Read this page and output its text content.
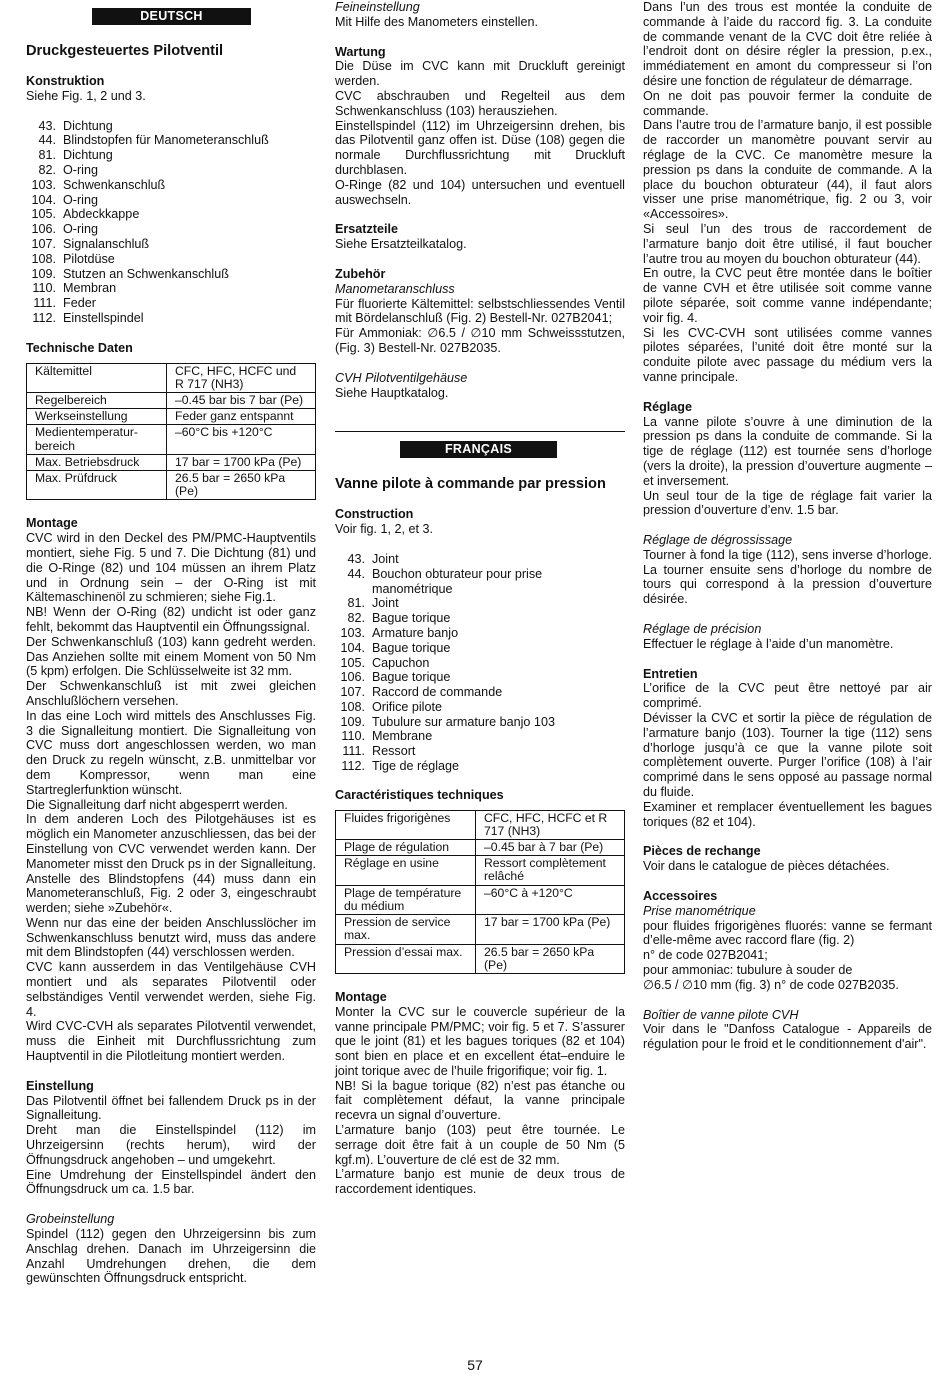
DEUTSCH
Druckgesteuertes Pilotventil
Konstruktion
Siehe Fig. 1, 2 und 3.
43. Dichtung
44. Blindstopfen für Manometeranschluß
81. Dichtung
82. O-ring
103. Schwenkanschluß
104. O-ring
105. Abdeckkappe
106. O-ring
107. Signalanschluß
108. Pilotdüse
109. Stutzen an Schwenkanschluß
110. Membran
111. Feder
112. Einstellspindel
Technische Daten
Kältemittel	CFC, HFC, HCFC und R 717 (NH3)
Regelbereich	–0.45 bar bis 7 bar (Pe)
Werkseinstellung	Feder ganz entspannt
Medientemperatur-bereich	–60°C bis +120°C
Max. Betriebsdruck	17 bar = 1700 kPa (Pe)
Max. Prüfdruck	26.5 bar = 2650 kPa (Pe)
Montage

CVC wird in den Deckel des PM/PMC-Hauptventils montiert, siehe Fig. 5 und 7. Die Dichtung (81) und die O-Ringe (82) und 104 müssen an ihrem Platz und in Ordnung sein – der O-Ring ist mit Kältemaschinenöl zu schmieren; siehe Fig.1.

NB! Wenn der O-Ring (82) undicht ist oder ganz fehlt, bekommt das Hauptventil ein Öffnungssignal.

Der Schwenkanschluß (103) kann gedreht werden. Das Anziehen sollte mit einem Moment von 50 Nm (5 kpm) erfolgen. Die Schlüsselweite ist 32 mm.

Der Schwenkanschluß ist mit zwei gleichen Anschlußlöchern versehen.

In das eine Loch wird mittels des Anschlusses Fig. 3 die Signalleitung montiert. Die Signalleitung von CVC muss dort angeschlossen werden, wo man den Druck zu regeln wünscht, z.B. unmittelbar vor dem Kompressor, wenn man eine Startreglerfunktion wünscht.

Die Signalleitung darf nicht abgesperrt werden.

In dem anderen Loch des Pilotgehäuses ist es möglich ein Manometer anzuschliessen, das bei der Einstellung von CVC verwendet werden kann. Der Manometer misst den Druck ps in der Signalleitung. Anstelle des Blindstopfens (44) muss dann ein Manometeranschluß, Fig. 2 oder 3, eingeschraubt werden; siehe »Zubehör«.

Wenn nur das eine der beiden Anschlusslöcher im Schwenkanschluss benutzt wird, muss das andere mit dem Blindstopfen (44) verschlossen werden.

CVC kann ausserdem in das Ventilgehäuse CVH montiert und als separates Pilotventil oder selbständiges Ventil verwendet werden, siehe Fig. 4.

Wird CVC-CVH als separates Pilotventil verwendet, muss die Einheit mit Durchflussrichtung zum Hauptventil in die Pilotleitung montiert werden.

Einstellung

Das Pilotventil öffnet bei fallendem Druck ps in der Signalleitung.

Dreht man die Einstellspindel (112) im Uhrzeigersinn (rechts herum), wird der Öffnungsdruck angehoben – und umgekehrt.

Eine Umdrehung der Einstellspindel ändert den Öffnungsdruck um ca. 1.5 bar.

Grobeinstellung

Spindel (112) gegen den Uhrzeigersinn bis zum Anschlag drehen. Danach im Uhrzeigersinn die Anzahl Umdrehungen drehen, die dem gewünschten Öffnungsdruck entspricht.

Feineinstellung
Mit Hilfe des Manometers einstellen.
Wartung

Die Düse im CVC kann mit Druckluft gereinigt werden.

CVC abschrauben und Regelteil aus dem Schwenkanschluss (103) herausziehen.

Einstellspindel (112) im Uhrzeigersinn drehen, bis das Pilotventil ganz offen ist. Düse (108) gegen die normale Durchflussrichtung mit Druckluft durchblasen.

O-Ringe (82 und 104) untersuchen und eventuell auswechseln.

Ersatzteile
Siehe Ersatzteilkatalog.
Zubehör
Manometaranschluss

Für fluorierte Kältemittel: selbstschliessendes Ventil mit Bördelanschluß (Fig. 2) Bestell-Nr. 027B2041;

Für Ammoniak: ∅6.5 / ∅10 mm Schweissstutzen, (Fig. 3) Bestell-Nr. 027B2035.

CVH Pilotventilgehäuse
Siehe Hauptkatalog.
FRANÇAIS
Vanne pilote à commande par pression
Construction
Voir fig. 1, 2, et 3.
43. Joint
44. Bouchon obturateur pour prise manométrique
81. Joint
82. Bague torique
103. Armature banjo
104. Bague torique
105. Capuchon
106. Bague torique
107. Raccord de commande
108. Orifice pilote
109. Tubulure sur armature banjo 103
110. Membrane
111. Ressort
112. Tige de réglage
Caractéristiques techniques
Fluides frigorigènes	CFC, HFC, HCFC et R 717 (NH3)
Plage de régulation	–0.45 bar à 7 bar (Pe)
Réglage en usine	Ressort complètement relâché
Plage de température du médium	–60°C à +120°C
Pression de service max.	17 bar = 1700 kPa (Pe)
Pression d’essai max.	26.5 bar = 2650 kPa (Pe)
Montage

Monter la CVC sur le couvercle supérieur de la vanne principale PM/PMC; voir fig. 5 et 7. S’assurer que le joint (81) et les bagues toriques (82 et 104) sont bien en place et en excellent état–enduire le joint torique avec de l’huile frigorifique; voir fig. 1.

NB! Si la bague torique (82) n’est pas étanche ou fait complètement défaut, la vanne principale recevra un signal d’ouverture.

L’armature banjo (103) peut être tournée. Le serrage doit être fait à un couple de 50 Nm (5 kgf.m). L’ouverture de clé est de 32 mm.

L’armature banjo est munie de deux trous de raccordement identiques.

Dans l’un des trous est montée la conduite de commande à l’aide du raccord fig. 3. La conduite de commande venant de la CVC doit être reliée à l’endroit dont on désire régler la pression, p.ex., immédiatement en amont du compresseur si l’on désire une fonction de régulateur de démarrage.

On ne doit pas pouvoir fermer la conduite de commande.

Dans l’autre trou de l’armature banjo, il est possible de raccorder un manomètre pouvant servir au réglage de la CVC. Ce manomètre mesure la pression ps dans la conduite de commande. A la place du bouchon obturateur (44), il faut alors visser une prise manométrique, fig. 2 ou 3, voir «Accessoires».

Si seul l’un des trous de raccordement de l’armature banjo doit être utilisé, il faut boucher l’autre trou au moyen du bouchon obturateur (44).

En outre, la CVC peut être montée dans le boîtier de vanne CVH et être utilisée soit comme vanne pilote séparée, soit comme vanne indépendante; voir fig. 4.

Si les CVC-CVH sont utilisées comme vannes pilotes séparées, l’unité doit être monté sur la conduite pilote avec passage du médium vers la vanne principale.

Réglage

La vanne pilote s’ouvre à une diminution de la pression ps dans la conduite de commande. Si la tige de réglage (112) est tournée sens d’horloge (vers la droite), la pression d’ouverture augmente – et inversement.

Un seul tour de la tige de réglage fait varier la pression d’ouverture d’env. 1.5 bar.

Réglage de dégrossissage

Tourner à fond la tige (112), sens inverse d’horloge. La tourner ensuite sens d’horloge du nombre de tours qui correspond à la pression d’ouverture désirée.

Réglage de précision
Effectuer le réglage à l’aide d’un manomètre.
Entretien

L’orifice de la CVC peut être nettoyé par air comprimé.

Dévisser la CVC et sortir la pièce de régulation de l’armature banjo (103). Tourner la tige (112) sens d’horloge jusqu’à ce que la vanne pilote soit complètement ouverte. Purger l’orifice (108) à l’air comprimé dans le sens opposé au passage normal du fluide.

Examiner et remplacer éventuellement les bagues toriques (82 et 104).

Pièces de rechange
Voir dans le catalogue de pièces détachées.
Accessoires
Prise manométrique

pour fluides frigorigènes fluorés: vanne se fermant d’elle-même avec raccord flare (fig. 2)

n° de code 027B2041;

pour ammoniac: tubulure à souder de

∅6.5 / ∅10 mm (fig. 3) n° de code 027B2035.

Boîtier de vanne pilote CVH

Voir dans le "Danfoss Catalogue - Appareils de régulation pour le froid et le conditionnement d'air".

57
